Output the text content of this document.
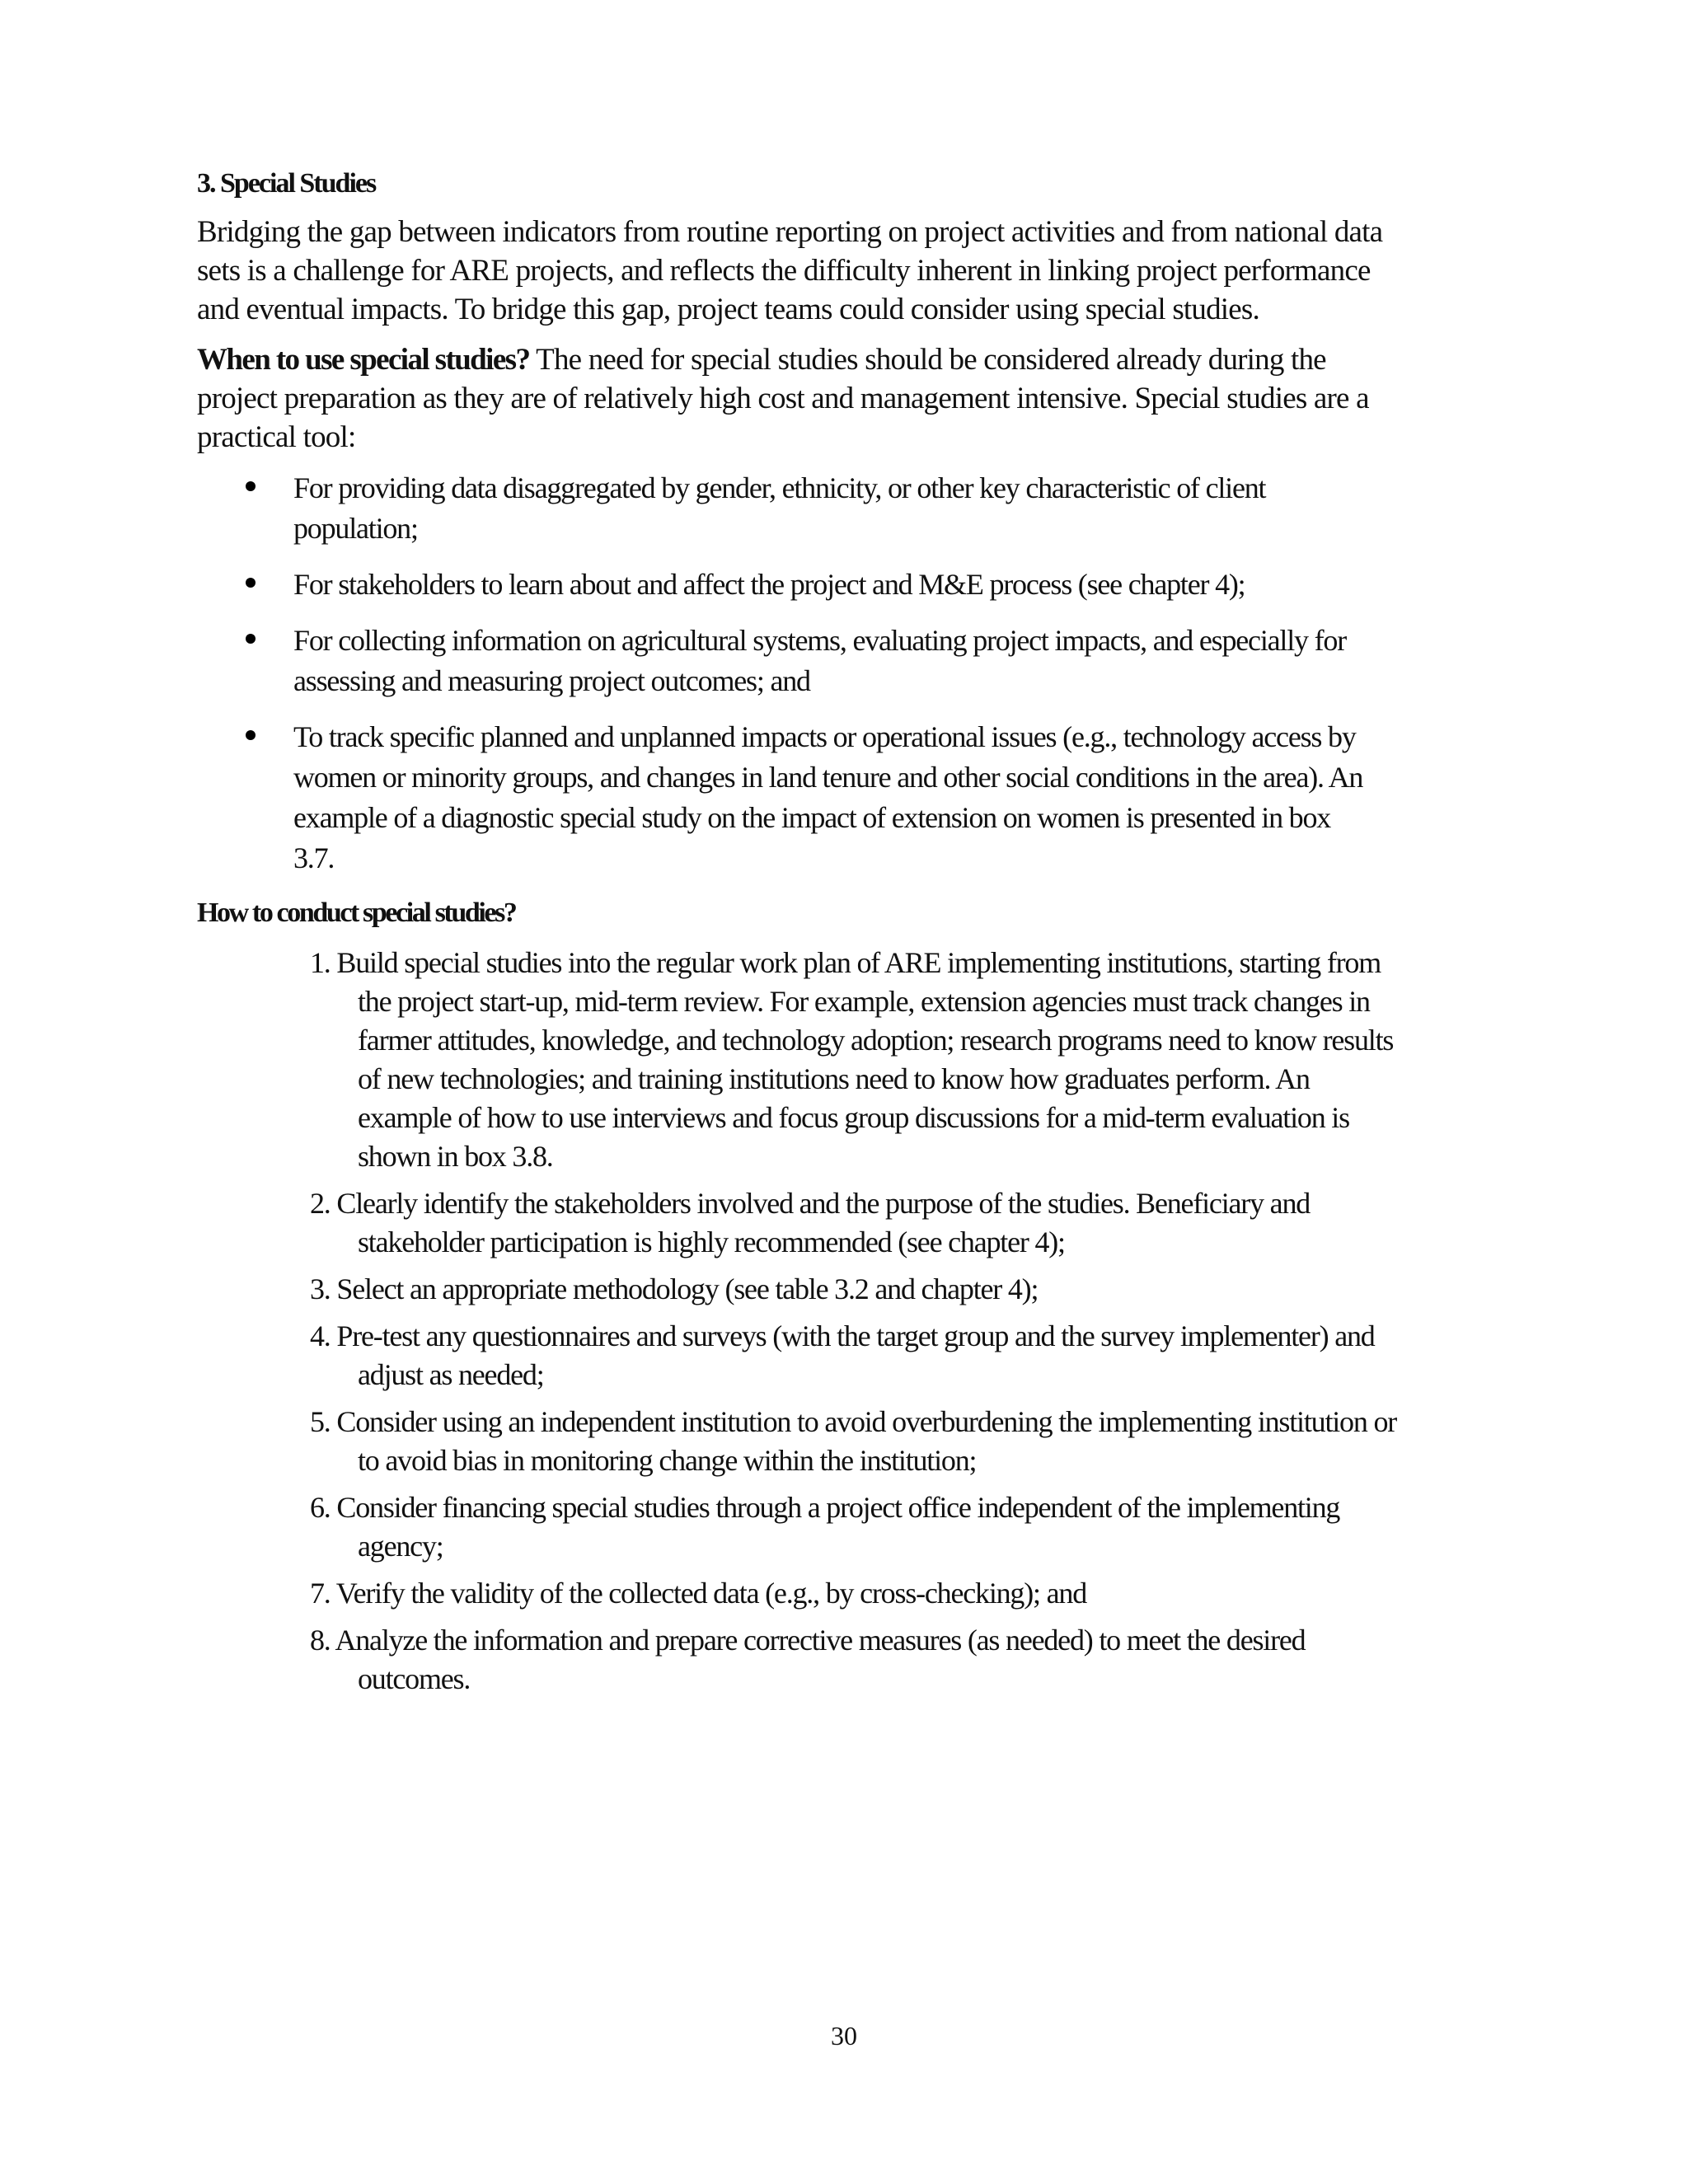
3. Special Studies

Bridging the gap between indicators from routine reporting on project activities and from national data sets is a challenge for ARE projects, and reflects the difficulty inherent in linking project performance and eventual impacts. To bridge this gap, project teams could consider using special studies.

When to use special studies? The need for special studies should be considered already during the project preparation as they are of relatively high cost and management intensive. Special studies are a practical tool:

For providing data disaggregated by gender, ethnicity, or other key characteristic of client population;
For stakeholders to learn about and affect the project and M&E process (see chapter 4);
For collecting information on agricultural systems, evaluating project impacts, and especially for assessing and measuring project outcomes; and
To track specific planned and unplanned impacts or operational issues (e.g., technology access by women or minority groups, and changes in land tenure and other social conditions in the area). An example of a diagnostic special study on the impact of extension on women is presented in box 3.7.
How to conduct special studies?
1. Build special studies into the regular work plan of ARE implementing institutions, starting from the project start-up, mid-term review. For example, extension agencies must track changes in farmer attitudes, knowledge, and technology adoption; research programs need to know results of new technologies; and training institutions need to know how graduates perform. An example of how to use interviews and focus group discussions for a mid-term evaluation is shown in box 3.8.
2. Clearly identify the stakeholders involved and the purpose of the studies. Beneficiary and stakeholder participation is highly recommended (see chapter 4);
3. Select an appropriate methodology (see table 3.2 and chapter 4);
4. Pre-test any questionnaires and surveys (with the target group and the survey implementer) and adjust as needed;
5. Consider using an independent institution to avoid overburdening the implementing institution or to avoid bias in monitoring change within the institution;
6. Consider financing special studies through a project office independent of the implementing agency;
7. Verify the validity of the collected data (e.g., by cross-checking); and
8. Analyze the information and prepare corrective measures (as needed) to meet the desired outcomes.
30
